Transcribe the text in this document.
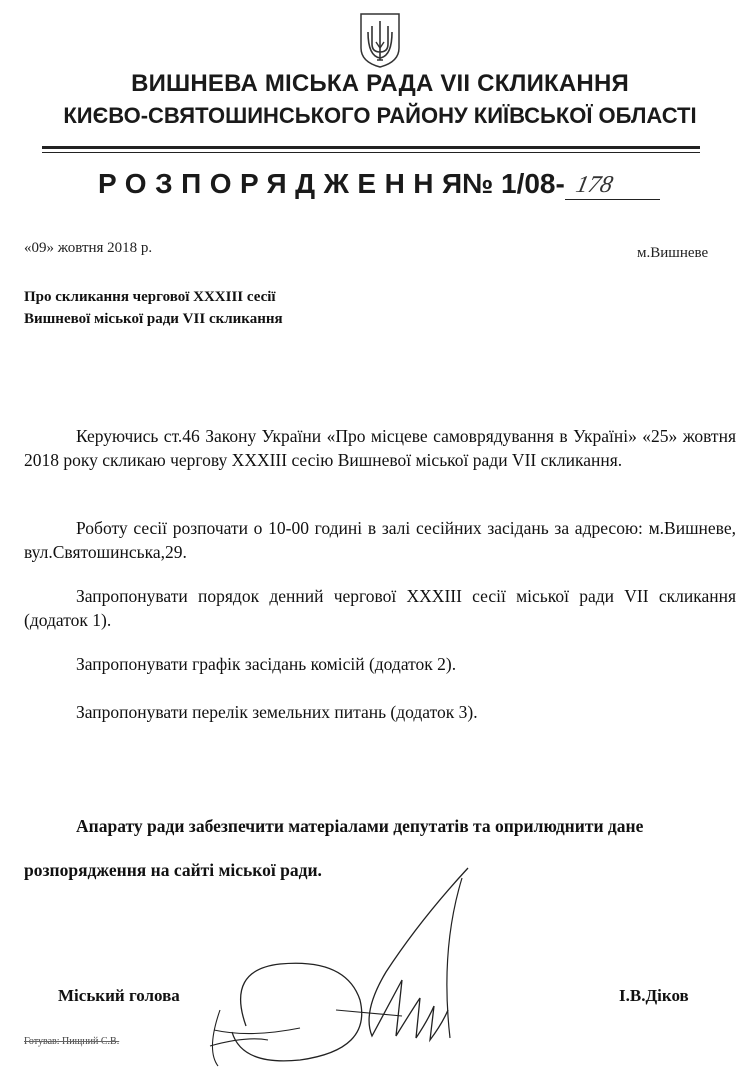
ВИШНЕВА МІСЬКА РАДА VII СКЛИКАННЯ
КИЄВО-СВЯТОШИНСЬКОГО РАЙОНУ КИЇВСЬКОЇ ОБЛАСТІ
РОЗПОРЯДЖЕННЯ
№ 1/08- 178
«09» жовтня 2018 р.	м.Вишневе
Про скликання чергової XXXIII сесії
Вишневої міської ради VII скликання
Керуючись ст.46 Закону України «Про місцеве самоврядування в Україні» «25» жовтня 2018 року скликаю чергову XXXIII сесію Вишневої міської ради VII скликання.
Роботу сесії розпочати о 10-00 годині в залі сесійних засідань за адресою: м.Вишневе, вул.Святошинська,29.
Запропонувати порядок денний чергової XXXIII сесії міської ради VII скликання (додаток 1).
Запропонувати графік засідань комісій (додаток 2).
Запропонувати перелік земельних питань (додаток 3).
Апарату ради забезпечити матеріалами депутатів та оприлюднити дане
розпорядження на сайті міської ради.
Міський голова	І.В.Діков
Готував: Пищний С.В.
